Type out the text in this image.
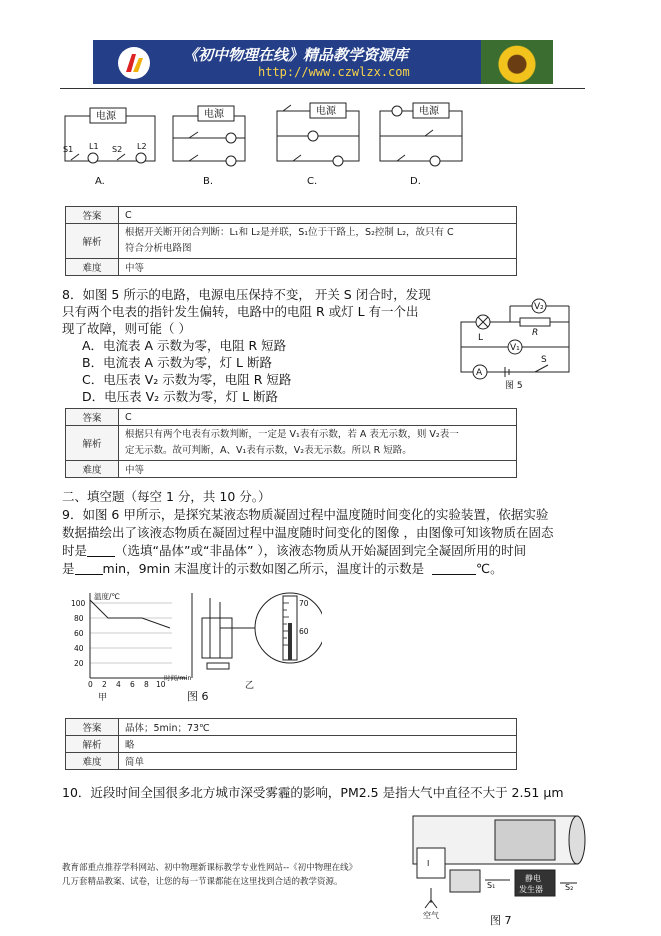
《初中物理在线》精品教学资源库
http://www.czwlzx.com
电源	电源	电源	电源
S1 L1 S2 L2
A.	B.	C.	D.
答案	C
解析	根据开关断开闭合判断：L₁和 L₂是并联，S₁位于干路上，S₂控制 L₂，故只有 C
符合分析电路图

难度	中等
8．如图 5 所示的电路，电源电压保持不变， 开关 S 闭合时，发现
只有两个电表的指针发生偏转，电路中的电阻 R 或灯 L 有一个出
现了故障，则可能（ ）
A．电流表 A 示数为零，电阻 R 短路
B．电流表 A 示数为零，灯 L 断路
C．电压表 V₂ 示数为零，电阻 R 短路
D．电压表 V₂ 示数为零，灯 L 断路
V₂
R
L
V₁
A
S
图 5
答案	C
解析	根据只有两个电表有示数判断，一定是 V₁表有示数，若 A 表无示数，则 V₂表一
定无示数。故可判断，A、V₁表有示数，V₂表无示数。所以 R 短路。

难度	中等
二、填空题（每空 1 分，共 10 分。）
9．如图 6 甲所示，是探究某液态物质凝固过程中温度随时间变化的实验装置，依据实验
数据描绘出了该液态物质在凝固过程中温度随时间变化的图像 ，由图像可知该物质在固态
时是 （选填“晶体”或“非晶体” ），该液态物质从开始凝固到完全凝固所用的时间
是 min，9min 末温度计的示数如图乙所示，温度计的示数是	℃。
温度/℃
100
80
60
40
20
0 2 4 6 8 10
时间/min
70
60
甲	图 6
乙
答案	晶体；5min；73℃
解析	略
难度	简单
10．近段时间全国很多北方城市深受雾霾的影响，PM2.5 是指大气中直径不大于 2.51 μm
I
S₁	S₂
静电
发生器
空气	图 7
教育部重点推荐学科网站、初中物理新课标教学专业性网站--《初中物理在线》
几万套精品教案、试卷，让您的每一节课都能在这里找到合适的教学资源。
